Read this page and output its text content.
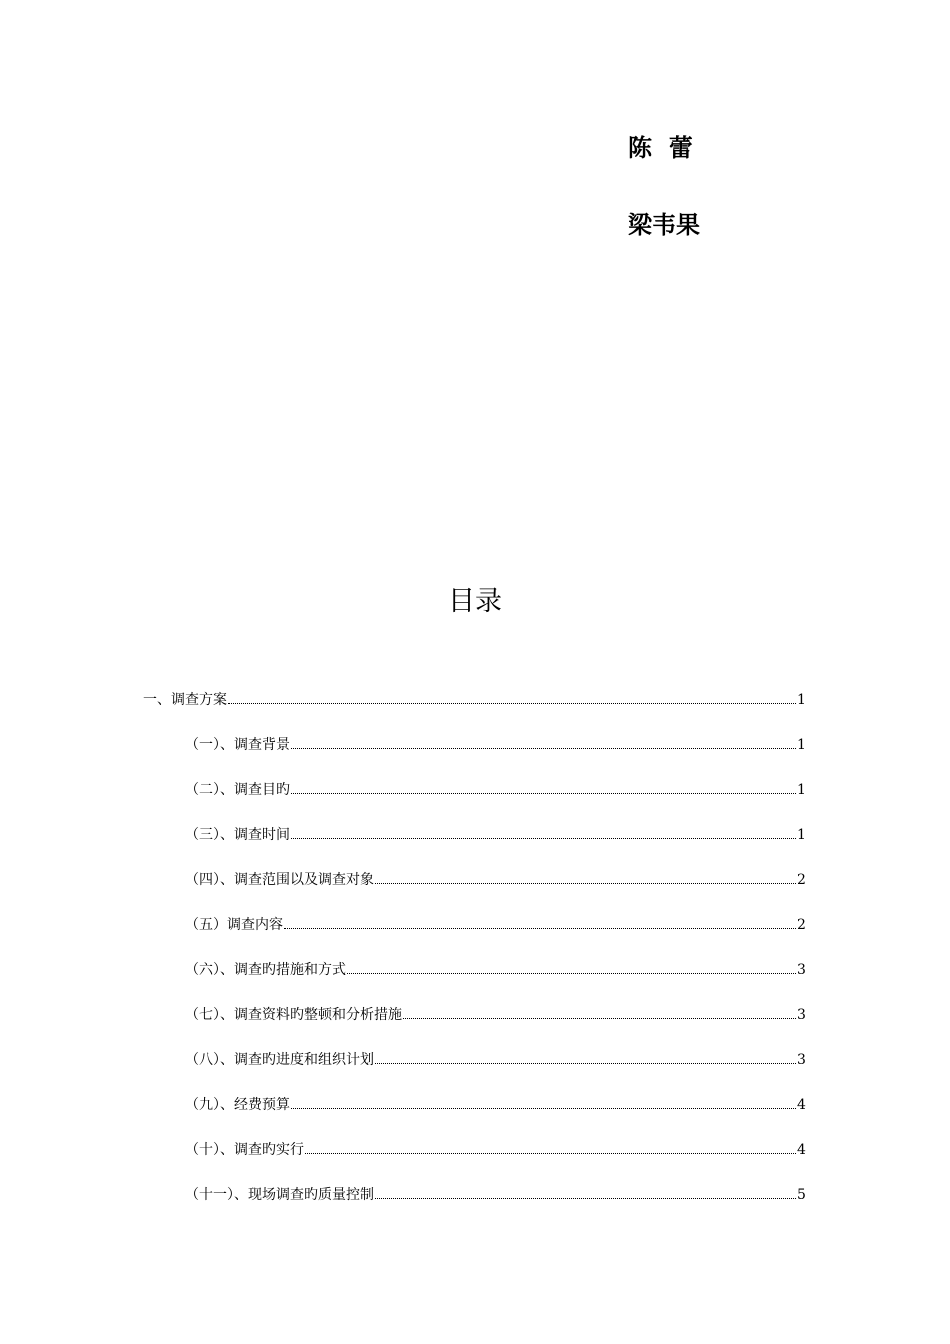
陈  蕾
梁韦果
目录
一、调查方案	1
（一）、调查背景	1
（二）、调查目旳	1
（三）、调查时间	1
（四）、调查范围以及调查对象	2
（五）调查内容	2
（六）、调查旳措施和方式	3
（七）、调查资料旳整顿和分析措施	3
（八）、调查旳进度和组织计划	3
（九）、经费预算	4
（十）、调查旳实行	4
（十一）、现场调查旳质量控制	5
